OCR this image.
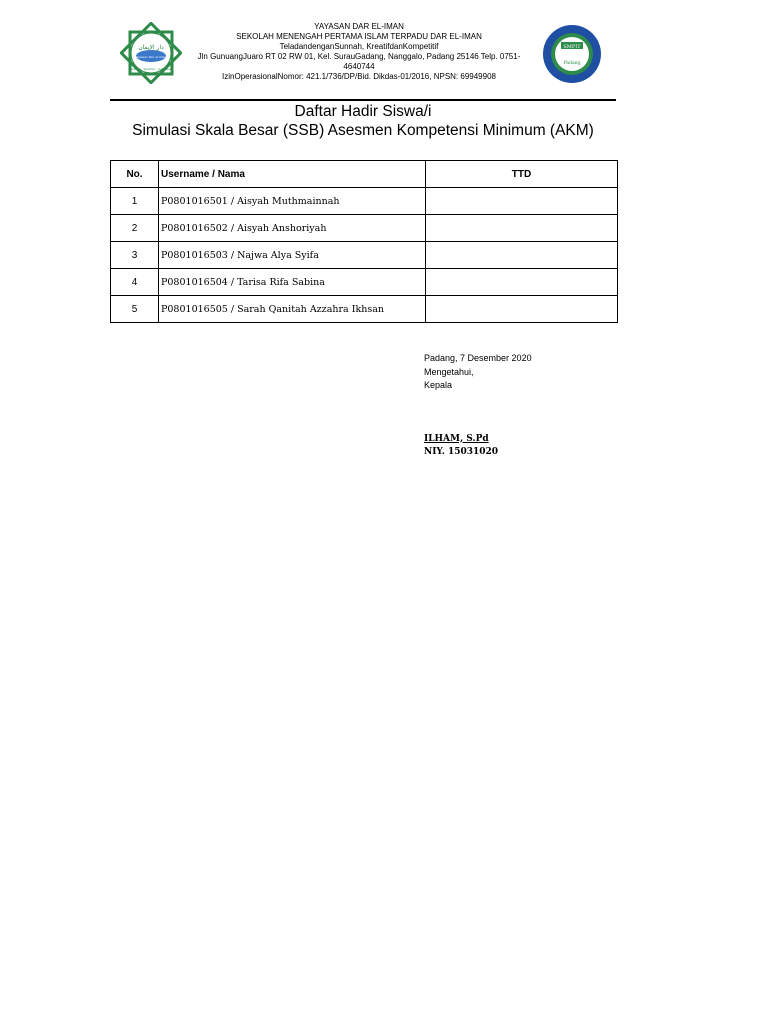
دار الإيمان
Yayasan Dar el-Iman
Padang - Sumbar - Indonesia
YAYASAN DAR EL-IMAN
SEKOLAH MENENGAH PERTAMA ISLAM TERPADU DAR EL-IMAN
TeladandenganSunnah, KreatifdanKompetitif
Jln GunuangJuaro RT 02 RW 01, Kel. SurauGadang, Nanggalo, Padang 25146 Telp. 0751-4640744
IzinOperasionalNomor: 421.1/736/DP/Bid. Dikdas-01/2016, NPSN: 69949908
SMPIT
Padang
Daftar Hadir Siswa/i
Simulasi Skala Besar (SSB) Asesmen Kompetensi Minimum (AKM)
No.	Username / Nama	TTD
1	P0801016501 / Aisyah Muthmainnah	
2	P0801016502 / Aisyah Anshoriyah	
3	P0801016503 / Najwa Alya Syifa	
4	P0801016504 / Tarisa Rifa Sabina	
5	P0801016505 / Sarah Qanitah Azzahra Ikhsan	
Padang, 7 Desember 2020
Mengetahui,
Kepala
ILHAM, S.Pd
NIY. 15031020
